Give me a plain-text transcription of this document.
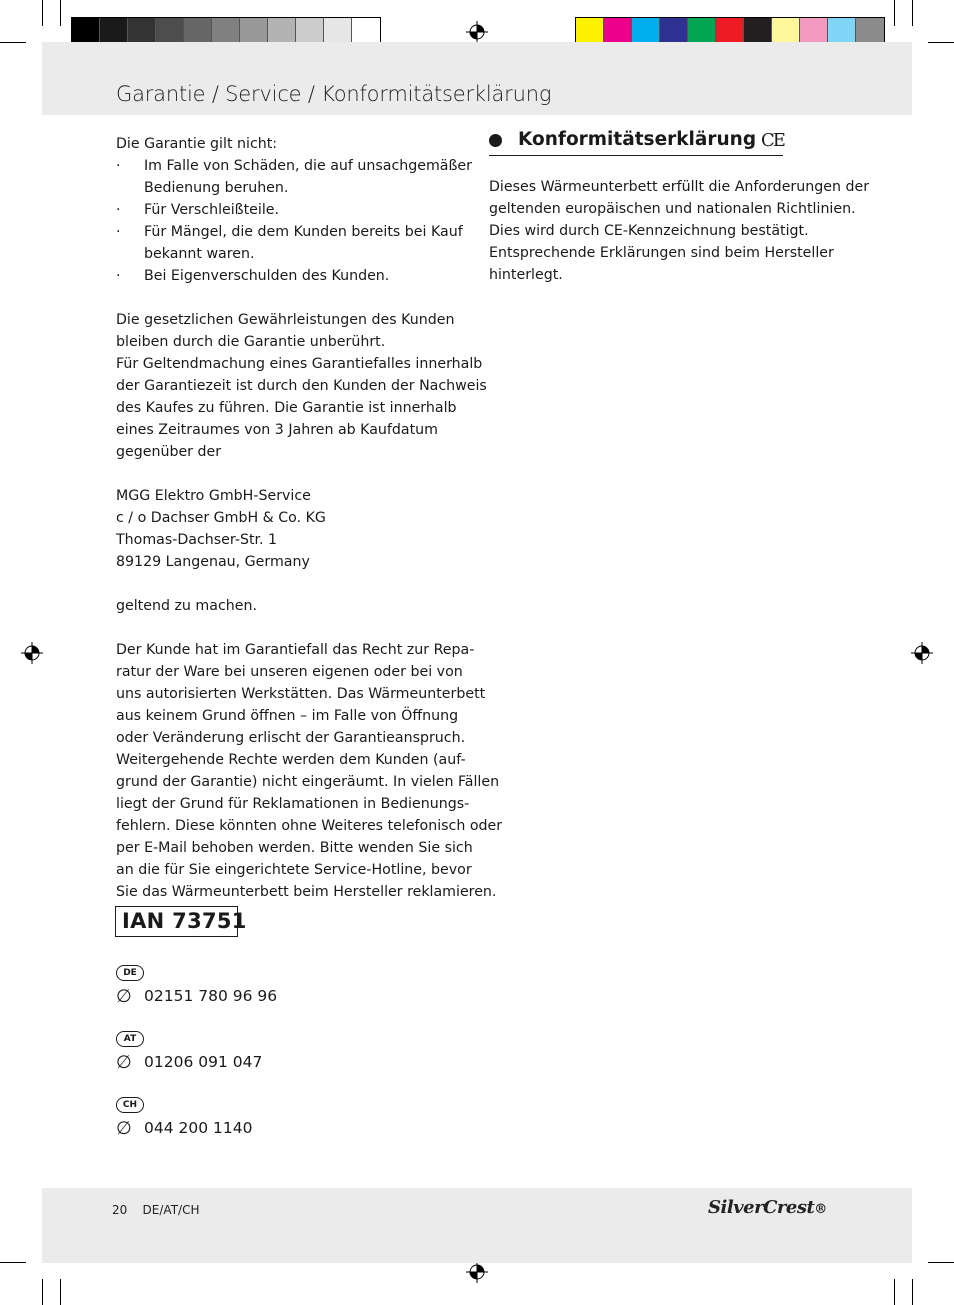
Garantie / Service / Konformitätserklärung
Die Garantie gilt nicht:
· Im Falle von Schäden, die auf unsachgemäßer
Bedienung beruhen.
· Für Verschleißteile.
· Für Mängel, die dem Kunden bereits bei Kauf
bekannt waren.
· Bei Eigenverschulden des Kunden.
Die gesetzlichen Gewährleistungen des Kunden
bleiben durch die Garantie unberührt.
Für Geltendmachung eines Garantiefalles innerhalb
der Garantiezeit ist durch den Kunden der Nachweis
des Kaufes zu führen. Die Garantie ist innerhalb
eines Zeitraumes von 3 Jahren ab Kaufdatum
gegenüber der
MGG Elektro GmbH-Service
c / o Dachser GmbH & Co. KG
Thomas-Dachser-Str. 1
89129 Langenau, Germany
geltend zu machen.
Der Kunde hat im Garantiefall das Recht zur Repa-
ratur der Ware bei unseren eigenen oder bei von
uns autorisierten Werkstätten. Das Wärmeunterbett
aus keinem Grund öffnen – im Falle von Öffnung
oder Veränderung erlischt der Garantieanspruch.
Weitergehende Rechte werden dem Kunden (auf-
grund der Garantie) nicht eingeräumt. In vielen Fällen
liegt der Grund für Reklamationen in Bedienungs-
fehlern. Diese könnten ohne Weiteres telefonisch oder
per E-Mail behoben werden. Bitte wenden Sie sich
an die für Sie eingerichtete Service-Hotline, bevor
Sie das Wärmeunterbett beim Hersteller reklamieren.
IAN 73751
DE
∅ 02151 780 96 96
AT
∅ 01206 091 047
CH
∅ 044 200 1140
Konformitätserklärung CE
Dieses Wärmeunterbett erfüllt die Anforderungen der
geltenden europäischen und nationalen Richtlinien.
Dies wird durch CE-Kennzeichnung bestätigt.
Entsprechende Erklärungen sind beim Hersteller
hinterlegt.
20 DE/AT/CH	SilverCrest®
